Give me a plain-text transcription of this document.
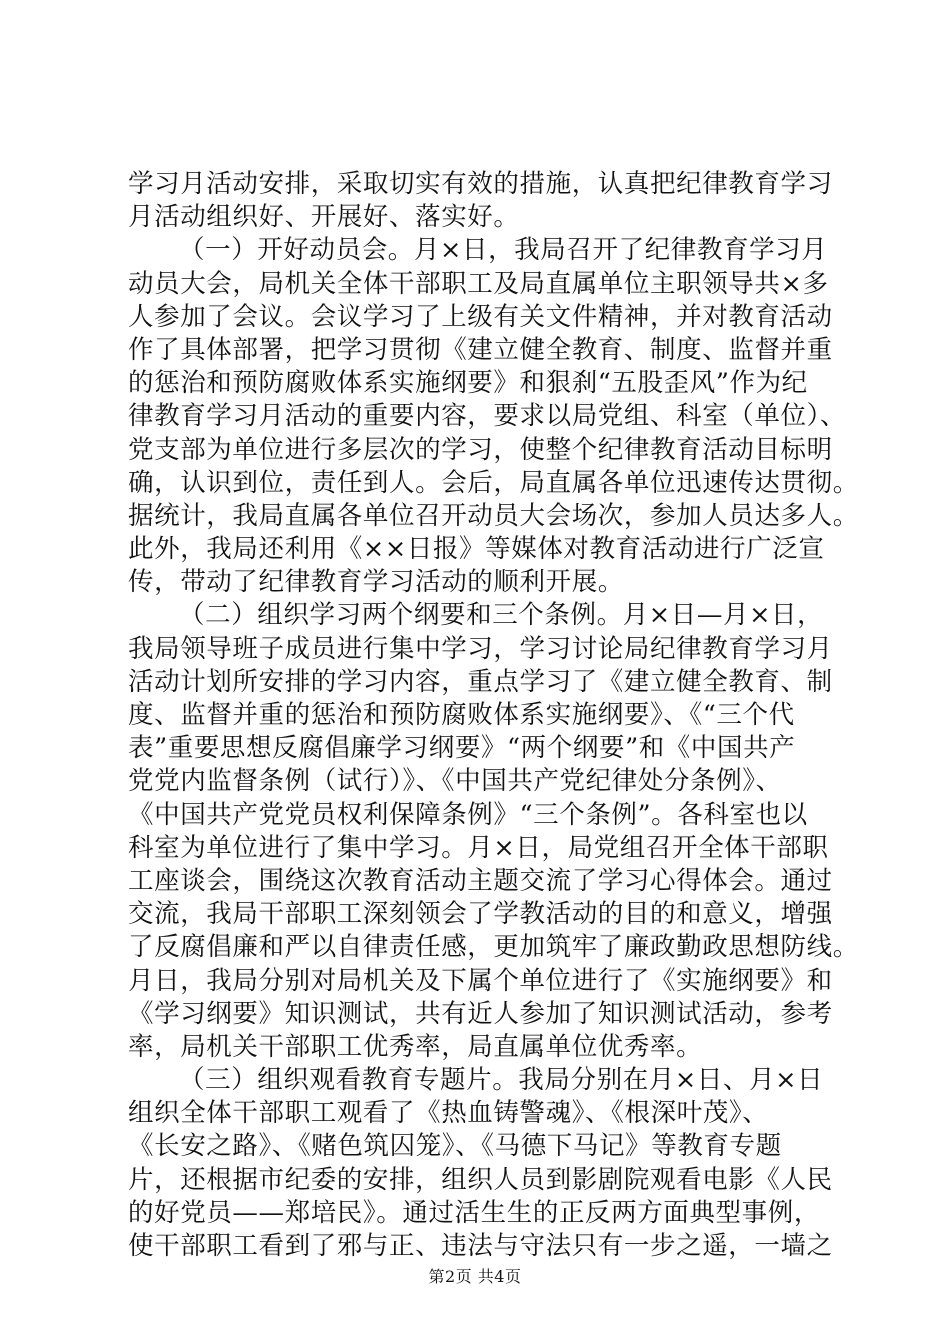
学习月活动安排，采取切实有效的措施，认真把纪律教育学习
月活动组织好、开展好、落实好。
（一）开好动员会。月×日，我局召开了纪律教育学习月
动员大会，局机关全体干部职工及局直属单位主职领导共×多
人参加了会议。会议学习了上级有关文件精神，并对教育活动
作了具体部署，把学习贯彻《建立健全教育、制度、监督并重
的惩治和预防腐败体系实施纲要》和狠刹“五股歪风”作为纪
律教育学习月活动的重要内容，要求以局党组、科室（单位）、
党支部为单位进行多层次的学习，使整个纪律教育活动目标明
确，认识到位，责任到人。会后，局直属各单位迅速传达贯彻。
据统计，我局直属各单位召开动员大会场次，参加人员达多人。
此外，我局还利用《××日报》等媒体对教育活动进行广泛宣
传，带动了纪律教育学习活动的顺利开展。
（二）组织学习两个纲要和三个条例。月×日—月×日，
我局领导班子成员进行集中学习，学习讨论局纪律教育学习月
活动计划所安排的学习内容，重点学习了《建立健全教育、制
度、监督并重的惩治和预防腐败体系实施纲要》、《“三个代
表”重要思想反腐倡廉学习纲要》“两个纲要”和《中国共产
党党内监督条例（试行）》、《中国共产党纪律处分条例》、
《中国共产党党员权利保障条例》“三个条例”。各科室也以
科室为单位进行了集中学习。月×日，局党组召开全体干部职
工座谈会，围绕这次教育活动主题交流了学习心得体会。通过
交流，我局干部职工深刻领会了学教活动的目的和意义，增强
了反腐倡廉和严以自律责任感，更加筑牢了廉政勤政思想防线。
月日，我局分别对局机关及下属个单位进行了《实施纲要》和
《学习纲要》知识测试，共有近人参加了知识测试活动，参考
率，局机关干部职工优秀率，局直属单位优秀率。
（三）组织观看教育专题片。我局分别在月×日、月×日
组织全体干部职工观看了《热血铸警魂》、《根深叶茂》、
《长安之路》、《赌色筑囚笼》、《马德下马记》等教育专题
片，还根据市纪委的安排，组织人员到影剧院观看电影《人民
的好党员——郑培民》。通过活生生的正反两方面典型事例，
使干部职工看到了邪与正、违法与守法只有一步之遥，一墙之
第2页 共4页
